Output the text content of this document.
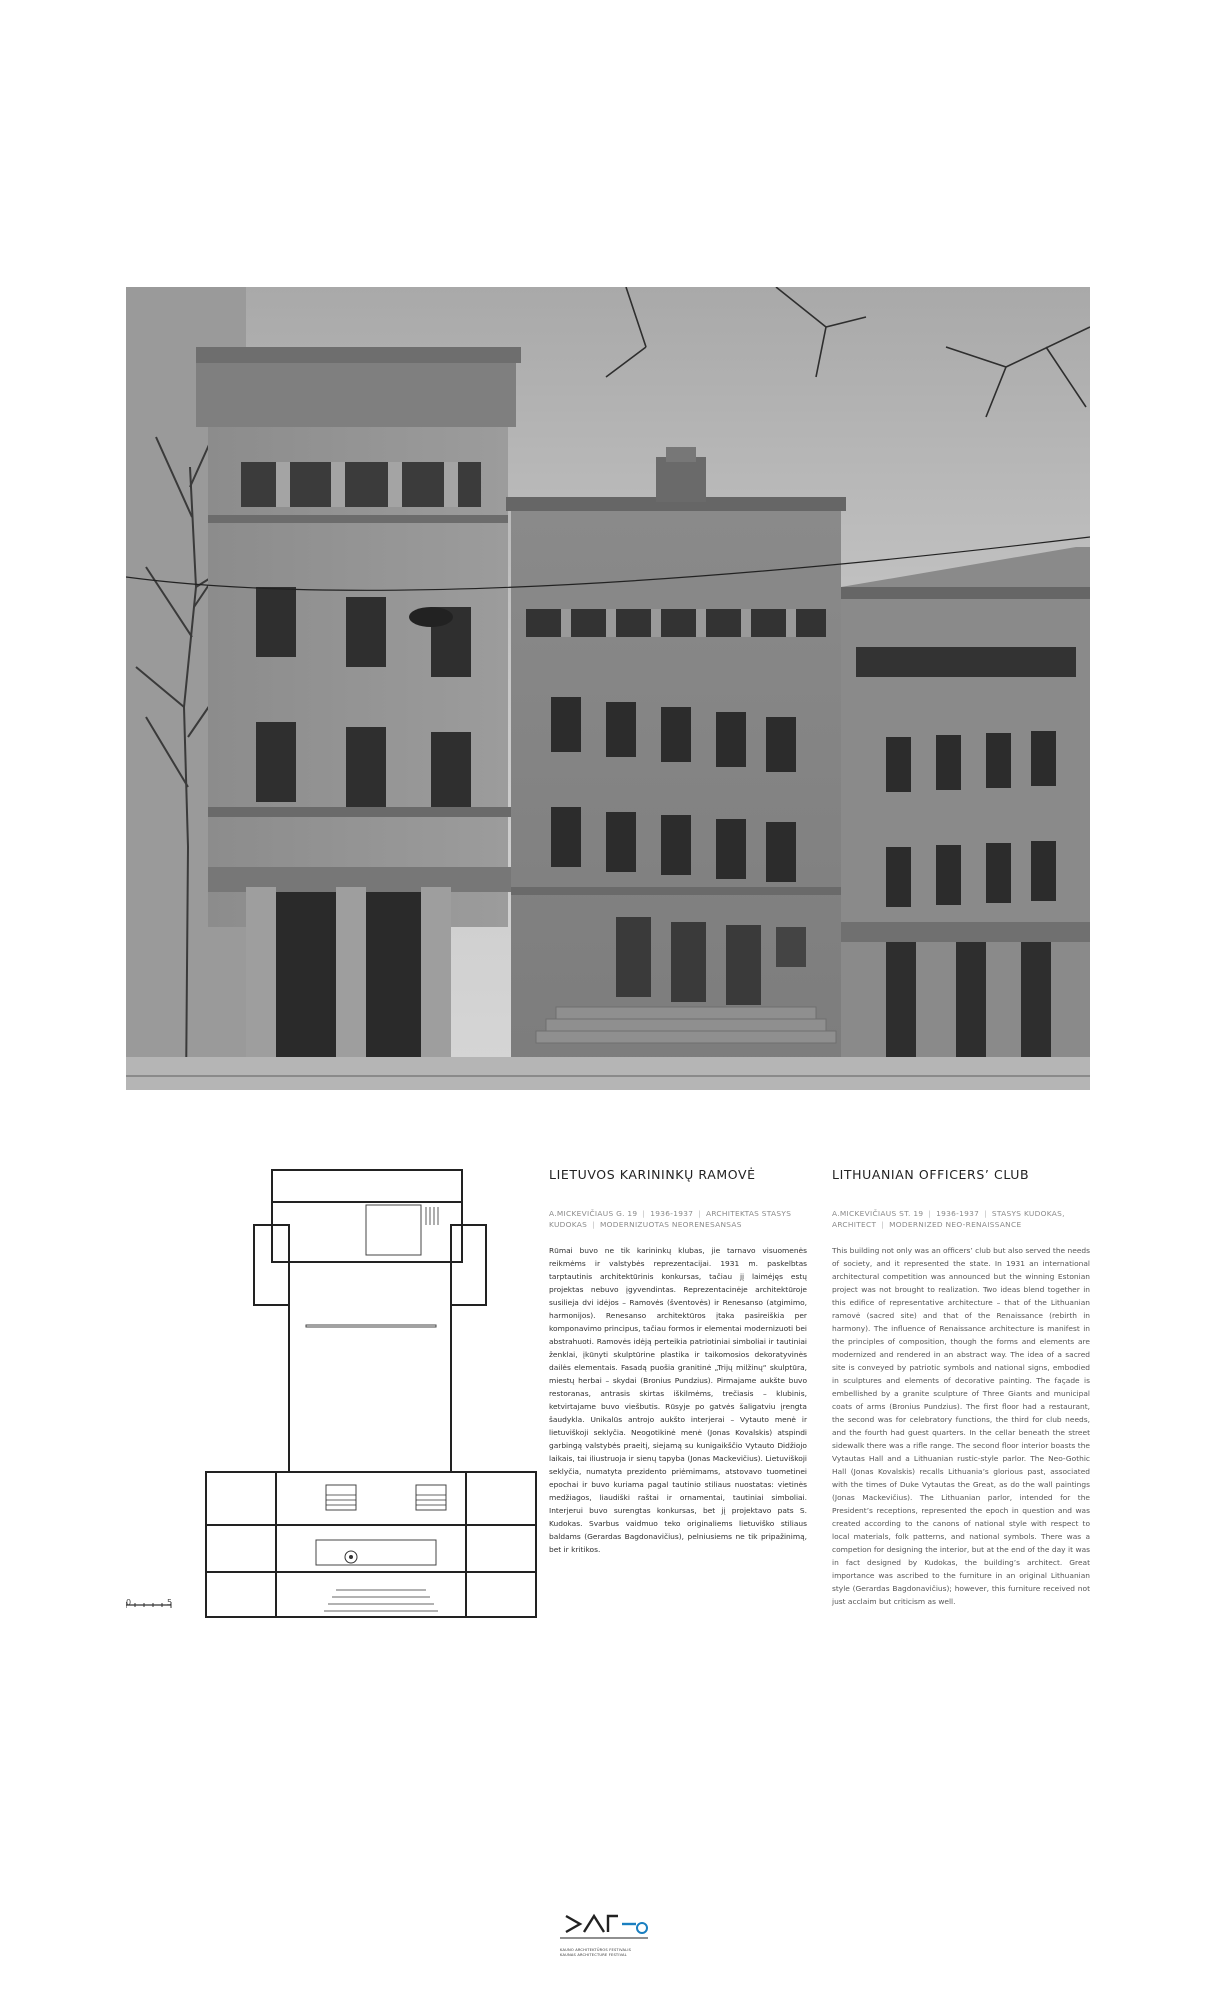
0	5
LIETUVOS KARININKŲ RAMOVĖ
A.MICKEVIČIAUS G. 19 | 1936-1937 | ARCHITEKTAS STASYS
KUDOKAS | MODERNIZUOTAS NEORENESANSAS

Rūmai buvo ne tik karininkų klubas, jie tarnavo visuomenės reikmėms ir valstybės reprezentacijai. 1931 m. paskelbtas tarptautinis architektūrinis konkursas, tačiau jį laimėjęs estų projektas nebuvo įgyvendintas. Reprezentacinėje architektūroje susilieja dvi idėjos – Ramovės (šventovės) ir Renesanso (atgimimo, harmonijos). Renesanso architektūros įtaka pasireiškia per komponavimo principus, tačiau formos ir elementai modernizuoti bei abstrahuoti. Ramovės idėją perteikia patriotiniai simboliai ir tautiniai ženklai, įkūnyti skulptūrine plastika ir taikomosios dekoratyvinės dailės elementais. Fasadą puošia granitinė „Trijų milžinų“ skulptūra, miestų herbai – skydai (Bronius Pundzius). Pirmajame aukšte buvo restoranas, antrasis skirtas iškilmėms, trečiasis – klubinis, ketvirtajame buvo viešbutis. Rūsyje po gatvės šaligatviu įrengta šaudykla. Unikalūs antrojo aukšto interjerai – Vytauto menė ir lietuviškoji seklyčia. Neogotikinė menė (Jonas Kovalskis) atspindi garbingą valstybės praeitį, siejamą su kunigaikščio Vytauto Didžiojo laikais, tai iliustruoja ir sienų tapyba (Jonas Mackevičius). Lietuviškoji seklyčia, numatyta prezidento priėmimams, atstovavo tuometinei epochai ir buvo kuriama pagal tautinio stiliaus nuostatas: vietinės medžiagos, liaudiški raštai ir ornamentai, tautiniai simboliai. Interjerui buvo surengtas konkursas, bet jį projektavo pats S. Kudokas. Svarbus vaidmuo teko originaliems lietuviško stiliaus baldams (Gerardas Bagdonavičius), pelniusiems ne tik pripažinimą, bet ir kritikos.

LITHUANIAN OFFICERS’ CLUB
A.MICKEVIČIAUS ST. 19 | 1936-1937 | STASYS KUDOKAS,
ARCHITECT | MODERNIZED NEO-RENAISSANCE

This building not only was an officers’ club but also served the needs of society, and it represented the state. In 1931 an international architectural competition was announced but the winning Estonian project was not brought to realization. Two ideas blend together in this edifice of representative architecture – that of the Lithuanian ramovė (sacred site) and that of the Renaissance (rebirth in harmony). The influence of Renaissance architecture is manifest in the principles of composition, though the forms and elements are modernized and rendered in an abstract way. The idea of a sacred site is conveyed by patriotic symbols and national signs, embodied in sculptures and elements of decorative painting. The façade is embellished by a granite sculpture of Three Giants and municipal coats of arms (Bronius Pundzius). The first floor had a restaurant, the second was for celebratory functions, the third for club needs, and the fourth had guest quarters. In the cellar beneath the street sidewalk there was a rifle range. The second floor interior boasts the Vytautas Hall and a Lithuanian rustic-style parlor. The Neo-Gothic Hall (Jonas Kovalskis) recalls Lithuania’s glorious past, associated with the times of Duke Vytautas the Great, as do the wall paintings (Jonas Mackevičius). The Lithuanian parlor, intended for the President’s receptions, represented the epoch in question and was created according to the canons of national style with respect to local materials, folk patterns, and national symbols. There was a competion for designing the interior, but at the end of the day it was in fact designed by Kudokas, the building’s architect. Great importance was ascribed to the furniture in an original Lithuanian style (Gerardas Bagdonavičius); however, this furniture received not just acclaim but criticism as well.

KAUNO ARCHITEKTŪROS FESTIVALIS
KAUNAS ARCHITECTURE FESTIVAL
